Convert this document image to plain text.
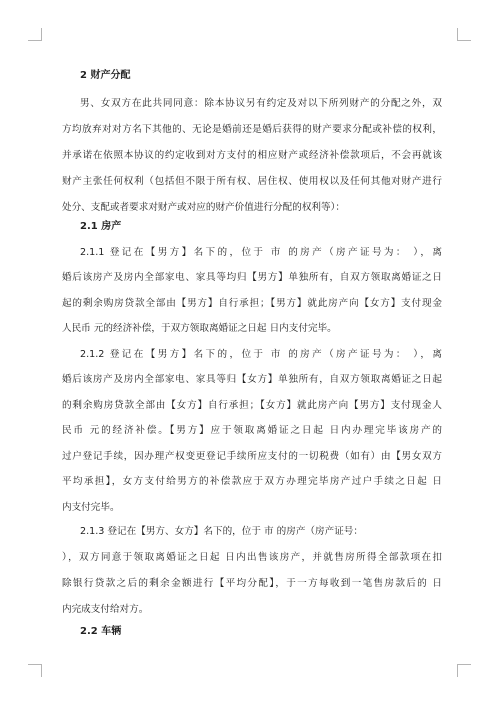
2 财产分配
男、女双方在此共同同意：除本协议另有约定及对以下所列财产的分配之外，双
方均放弃对对方名下其他的、无论是婚前还是婚后获得的财产要求分配或补偿的权利，
并承诺在依照本协议的约定收到对方支付的相应财产或经济补偿款项后，不会再就该
财产主张任何权利（包括但不限于所有权、居住权、使用权以及任何其他对财产进行
处分、支配或者要求对财产或对应的财产价值进行分配的权利等）：
2.1 房产
2.1.1 登记在【男方】名下的，位于 市 的房产（房产证号为： ），离
婚后该房产及房内全部家电、家具等均归【男方】单独所有，自双方领取离婚证之日
起的剩余购房贷款全部由【男方】自行承担；【男方】就此房产向【女方】支付现金
人民币 元的经济补偿，于双方领取离婚证之日起 日内支付完毕。
2.1.2 登记在【男方】名下的，位于 市 的房产（房产证号为： ），离
婚后该房产及房内全部家电、家具等归【女方】单独所有，自双方领取离婚证之日起
的剩余购房贷款全部由【女方】自行承担；【女方】就此房产向【男方】支付现金人
民币 元的经济补偿。【男方】应于领取离婚证之日起 日内办理完毕该房产的
过户登记手续，因办理产权变更登记手续所应支付的一切税费（如有）由【男女双方
平均承担】，女方支付给男方的补偿款应于双方办理完毕房产过户手续之日起 日
内支付完毕。
2.1.3 登记在【男方、女方】名下的，位于 市 的房产（房产证号：
），双方同意于领取离婚证之日起 日内出售该房产，并就售房所得全部款项在扣
除银行贷款之后的剩余金额进行【平均分配】，于一方每收到一笔售房款后的 日
内完成支付给对方。
2.2 车辆
